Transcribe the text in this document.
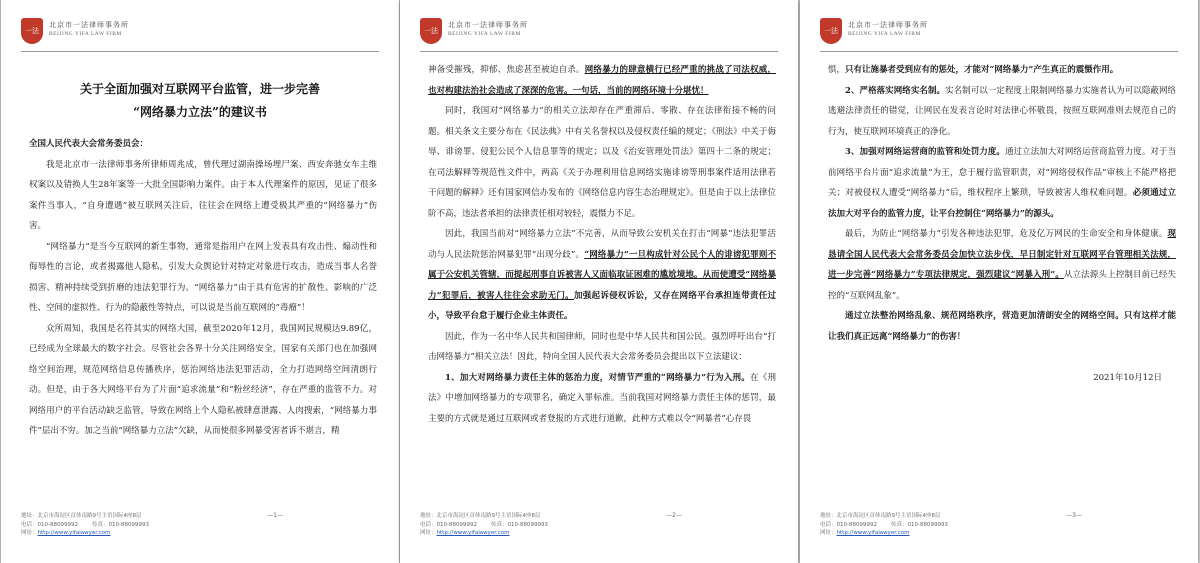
一法
北京市一法律师事务所
BEIJING YIFA LAW FIRM
关于全面加强对互联网平台监管，进一步完善
“网络暴力立法”的建议书

全国人民代表大会常务委员会：

我是北京市一法律师事务所律师周兆成，曾代理过湖南操场埋尸案、西安奔驰女车主维权案以及错换人生28年案等一大批全国影响力案件。由于本人代理案件的原因，见证了很多案件当事人，“自身遭遇”被互联网关注后，往往会在网络上遭受极其严重的“网络暴力”伤害。

“网络暴力”是当今互联网的新生事物，通常是指用户在网上发表具有攻击性、煽动性和侮辱性的言论，或者揭露他人隐私，引发大众舆论针对特定对象进行攻击，造成当事人名誉损害、精神持续受到折磨的违法犯罪行为。“网络暴力”由于具有危害的扩散性、影响的广泛性、空间的虚拟性、行为的隐蔽性等特点，可以说是当前互联网的“毒瘤”！

众所周知，我国是名符其实的网络大国，截至2020年12月，我国网民规模达9.89亿，已经成为全球最大的数字社会。尽管社会各界十分关注网络安全，国家有关部门也在加强网络空间治理，规范网络信息传播秩序，惩治网络违法犯罪活动，全力打造网络空间清朗行动。但是，由于各大网络平台为了片面“追求流量”和“粉丝经济”，存在严重的监管不力。对网络用户的平台活动缺乏监管，导致在网络上个人隐私被肆意泄露、人肉搜索，“网络暴力事件”层出不穷。加之当前“网络暴力立法”欠缺，从而使很多网暴受害者诉不堪言，精

地址：北京市海淀区首体南路9号主语国际4座8层
电话：010-88099992	传真：010-88099993
网址：http://www.yifalawyer.com
—1—
一法
北京市一法律师事务所
BEIJING YIFA LAW FIRM

神备受摧残，抑郁、焦虑甚至被迫自杀。网络暴力的肆意横行已经严重的挑战了司法权威，也对构建法治社会造成了深深的危害。一句话，当前的网络环境十分堪忧！

同时，我国对“网络暴力”的相关立法却存在严重滞后、零散、存在法律衔接不畅的问题。相关条文主要分布在《民法典》中有关名誉权以及侵权责任编的规定；《刑法》中关于侮辱、诽谤罪、侵犯公民个人信息罪等的规定；以及《治安管理处罚法》第四十二条的规定；在司法解释等规范性文件中，两高《关于办理利用信息网络实施诽谤等刑事案件适用法律若干问题的解释》还有国家网信办发布的《网络信息内容生态治理规定》。但是由于以上法律位阶不高，违法者承担的法律责任相对较轻，震慑力不足。

因此，我国当前对“网络暴力立法”不完善，从而导致公安机关在打击“网暴”违法犯罪活动与人民法院惩治网暴犯罪“出现分歧”。“网络暴力”一旦构成针对公民个人的诽谤犯罪则不属于公安机关管辖，而提起刑事自诉被害人又面临取证困难的尴尬境地。从而使遭受“网络暴力”犯罪后，被害人往往会求助无门。加强起诉侵权诉讼，又存在网络平台承担连带责任过小，导致平台怠于履行企业主体责任。

因此，作为一名中华人民共和国律师，同时也是中华人民共和国公民。强烈呼吁出台“打击网络暴力”相关立法！因此，特向全国人民代表大会常务委员会提出以下立法建议：

1、加大对网络暴力责任主体的惩治力度，对情节严重的“网络暴力”行为入刑。在《刑法》中增加网络暴力的专项罪名，确定入罪标准。当前我国对网络暴力责任主体的惩罚，最主要的方式就是通过互联网或者登报的方式进行道歉，此种方式难以令“网暴者”心存畏

地址：北京市海淀区首体南路9号主语国际4座8层
电话：010-88099992	传真：010-88099993
网址：http://www.yifalawyer.com
—2—
一法
北京市一法律师事务所
BEIJING YIFA LAW FIRM

惧，只有让施暴者受到应有的惩处，才能对“网络暴力”产生真正的震慑作用。

2、严格落实网络实名制。实名制可以一定程度上限制网络暴力实施者认为可以隐蔽网络逃避法律责任的错觉，让网民在发表言论时对法律心怀敬畏，按照互联网准则去规范自己的行为，使互联网环境真正的净化。

3、加强对网络运营商的监管和处罚力度。通过立法加大对网络运营商监管力度。对于当前网络平台片面“追求流量”为王，怠于履行监管职责，对“网络侵权作品”审核上不能严格把关；对被侵权人遭受“网络暴力”后，维权程序上繁琐，导致被害人维权难问题。必须通过立法加大对平台的监管力度，让平台控制住“网络暴力”的源头。

最后，为防止“网络暴力”引发各种违法犯罪，危及亿万网民的生命安全和身体健康。现恳请全国人民代表大会常务委员会加快立法步伐，早日制定针对互联网平台管理相关法规，进一步完善“网络暴力”专项法律规定，强烈建议“网暴入刑”。从立法源头上控制目前已经失控的“互联网乱象”。

通过立法整治网络乱象、规范网络秩序，营造更加清朗安全的网络空间。只有这样才能让我们真正远离“网络暴力”的伤害！

2021年10月12日

地址：北京市海淀区首体南路9号主语国际4座8层
电话：010-88099992	传真：010-88099993
网址：http://www.yifalawyer.com
—3—
